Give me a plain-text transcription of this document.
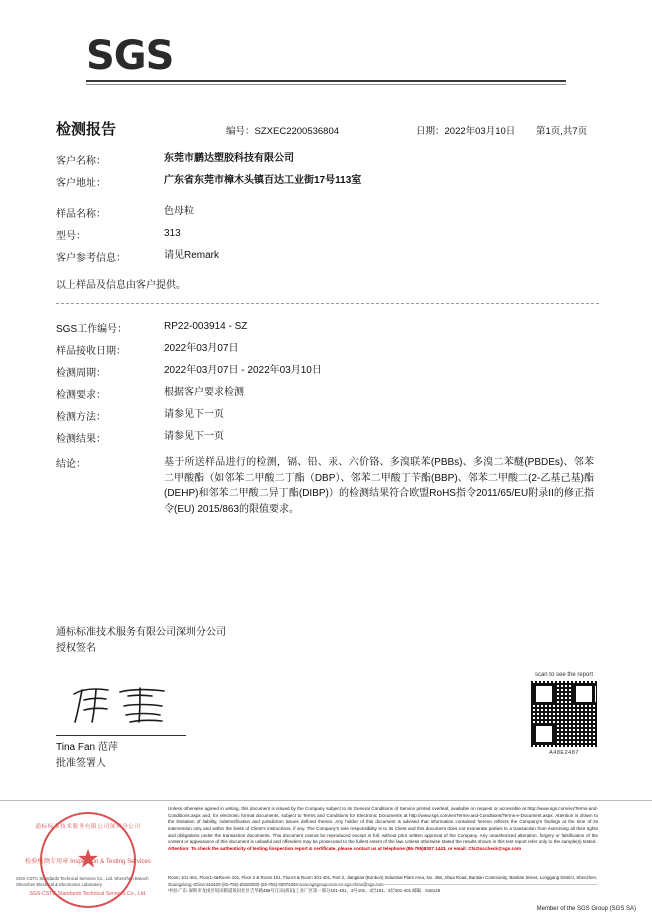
SGS
检测报告	编号：SZXEC2200536804	日期：2022年03月10日	第1页,共7页
客户名称：	东莞市鹏达塑胶科技有限公司
客户地址：	广东省东莞市樟木头镇百达工业街17号113室
样品名称：	色母粒
型号：	313
客户参考信息：	请见Remark
以上样品及信息由客户提供。
SGS工作编号：	RP22-003914 - SZ
样品接收日期：	2022年03月07日
检测周期：	2022年03月07日 - 2022年03月10日
检测要求：	根据客户要求检测
检测方法：	请参见下一页
检测结果：	请参见下一页
结论：	基于所送样品进行的检测，镉、铅、汞、六价铬、多溴联苯(PBBs)、多溴二苯醚(PBDEs)、邻苯二甲酸酯（如邻苯二甲酸二丁酯（DBP）、邻苯二甲酸丁苄酯(BBP)、邻苯二甲酸二(2-乙基己基)酯(DEHP)和邻苯二甲酸二异丁酯(DIBP)）的检测结果符合欧盟RoHS指令2011/65/EU附录II的修正指令(EU) 2015/863的限值要求。
通标标准技术服务有限公司深圳分公司
授权签名
Tina Fan 范萍
批准签署人
scan to see the report
A48E2487
Unless otherwise agreed in writing, this document is issued by the Company subject to its General Conditions of Service printed overleaf, available on request or accessible at http://www.sgs.com/en/Terms-and-Conditions.aspx and, for electronic format documents, subject to Terms and Conditions for Electronic Documents at http://www.sgs.com/en/Terms-and-Conditions/Terms-e-Document.aspx. Attention is drawn to the limitation of liability, indemnification and jurisdiction issues defined therein. Any holder of this document is advised that information contained hereon reflects the Company's findings at the time of its intervention only and within the limits of Client's instructions, if any. The Company's sole responsibility is to its Client and this document does not exonerate parties to a transaction from exercising all their rights and obligations under the transaction documents. This document cannot be reproduced except in full, without prior written approval of the Company. Any unauthorized alteration, forgery or falsification of the content or appearance of this document is unlawful and offenders may be prosecuted to the fullest extent of the law. Unless otherwise stated the results shown in this test report refer only to the sample(s) tested . Attention: To check the authenticity of testing /inspection report & certificate, please contact us at telephone:(86-755)8307 1443, or email: CN.Doccheck@sgs.com
Room 101-401, Floor1-4&Room 101, Floor 2 & Room 101, Floor3 & Room 301-401, Part 2, Jiangtian (Bonbon) Industrial Plant Area, No. 458, Jihua Road, Bantian Community, Bantian Street, Longgang District, Shenzhen, Guangdong, China 518129 (86-755) 25328888 (86-755) 83071888 www.sgsgroup.com.cn sgs.china@sgs.com
中国·广东·深圳市龙岗区坂田街道坂田社区吉华路458号江田(坂田)工业厂区第一部分101-401、3号101、3层101、3层301-401 邮编：518129
Member of the SGS Group (SGS SA)
SGS-CSTC Standards Technical Services Co., Ltd. Shenzhen Branch Shenzhen Electrical & Electronics Laboratory
通标标准技术服务有限公司深圳分公司
★
检验检测专用章 Inspection & Testing Services
SGS-CSTC Standards Technical Services Co., Ltd.
